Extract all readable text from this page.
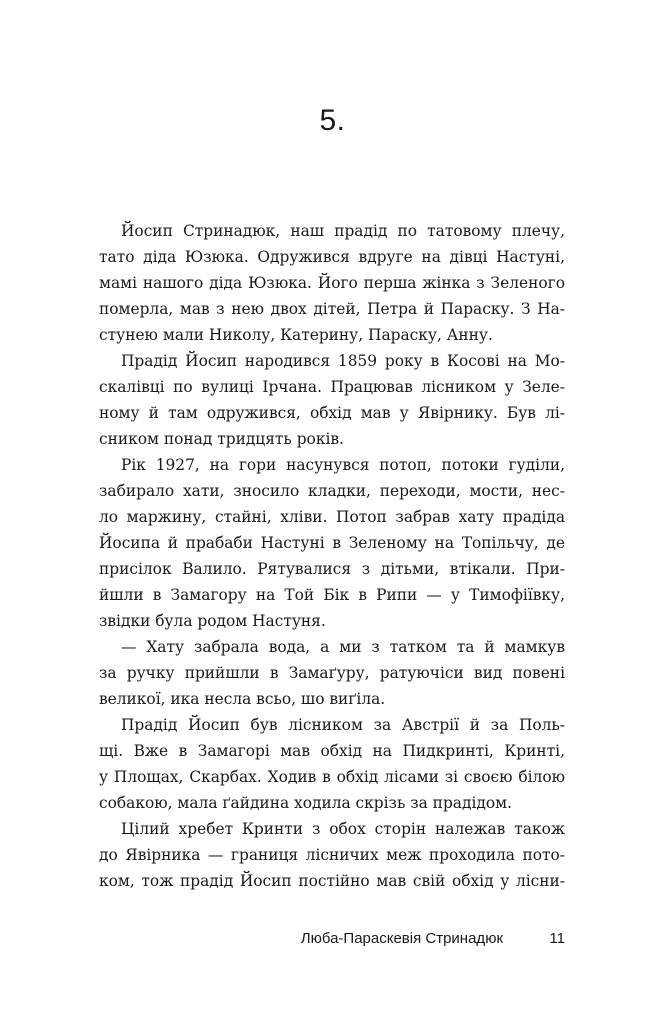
5.
Йосип Стринадюк, наш прадід по татовому плечу,
тато діда Юзюка. Одружився вдруге на дівці Настуні,
мамі нашого діда Юзюка. Його перша жінка з Зеленого
померла, мав з нею двох дітей, Петра й Параску. З На-
стунею мали Николу, Катерину, Параску, Анну.
Прадід Йосип народився 1859 року в Косові на Мо-
скалівці по вулиці Ірчана. Працював лісником у Зеле-
ному й там одружився, обхід мав у Явірнику. Був лі-
сником понад тридцять років.
Рік 1927, на гори насунувся потоп, потоки гуділи,
забирало хати, зносило кладки, переходи, мости, нес-
ло маржину, стайні, хліви. Потоп забрав хату прадіда
Йосипа й прабаби Настуні в Зеленому на Топільчу, де
присілок Валило. Рятувалися з дітьми, втікали. При-
йшли в Замагору на Той Бік в Рипи — у Тимофіївку,
звідки була родом Настуня.
— Хату забрала вода, а ми з татком та й мамкув
за ручку прийшли в Замаґуру, ратуючіси вид повені
великої, ика несла всьо, шо виґіла.
Прадід Йосип був лісником за Австрії й за Поль-
щі. Вже в Замагорі мав обхід на Пидкринті, Кринті,
у Площах, Скарбах. Ходив в обхід лісами зі своєю білою
собакою, мала ґайдина ходила скрізь за прадідом.
Цілий хребет Кринти з обох сторін належав також
до Явірника — границя лісничих меж проходила пото-
ком, тож прадід Йосип постійно мав свій обхід у лісни-
Люба-Параскевія Стринадюк	11
